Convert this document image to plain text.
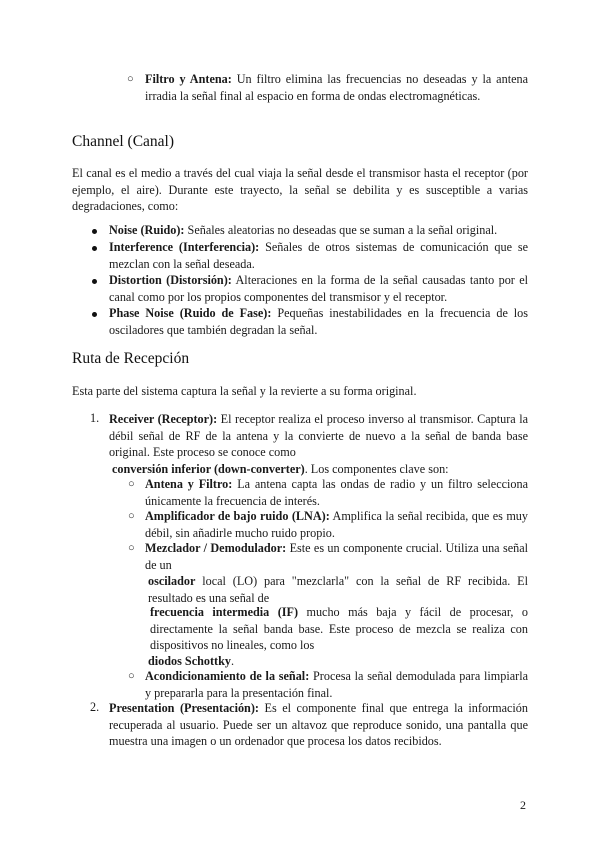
○ Filtro y Antena: Un filtro elimina las frecuencias no deseadas y la antena irradia la señal final al espacio en forma de ondas electromagnéticas.
Channel (Canal)
El canal es el medio a través del cual viaja la señal desde el transmisor hasta el receptor (por ejemplo, el aire). Durante este trayecto, la señal se debilita y es susceptible a varias degradaciones, como:
Noise (Ruido): Señales aleatorias no deseadas que se suman a la señal original.
Interference (Interferencia): Señales de otros sistemas de comunicación que se mezclan con la señal deseada.
Distortion (Distorsión): Alteraciones en la forma de la señal causadas tanto por el canal como por los propios componentes del transmisor y el receptor.
Phase Noise (Ruido de Fase): Pequeñas inestabilidades en la frecuencia de los osciladores que también degradan la señal.
Ruta de Recepción
Esta parte del sistema captura la señal y la revierte a su forma original.
1. Receiver (Receptor): El receptor realiza el proceso inverso al transmisor. Captura la débil señal de RF de la antena y la convierte de nuevo a la señal de banda base original. Este proceso se conoce como
conversión inferior (down-converter). Los componentes clave son:
○ Antena y Filtro: La antena capta las ondas de radio y un filtro selecciona únicamente la frecuencia de interés.
○ Amplificador de bajo ruido (LNA): Amplifica la señal recibida, que es muy débil, sin añadirle mucho ruido propio.
○ Mezclador / Demodulador: Este es un componente crucial. Utiliza una señal de un
oscilador local (LO) para "mezclarla" con la señal de RF recibida. El resultado es una señal de
frecuencia intermedia (IF) mucho más baja y fácil de procesar, o directamente la señal banda base. Este proceso de mezcla se realiza con dispositivos no lineales, como los
diodos Schottky.
○ Acondicionamiento de la señal: Procesa la señal demodulada para limpiarla y prepararla para la presentación final.
2. Presentation (Presentación): Es el componente final que entrega la información recuperada al usuario. Puede ser un altavoz que reproduce sonido, una pantalla que muestra una imagen o un ordenador que procesa los datos recibidos.
2
